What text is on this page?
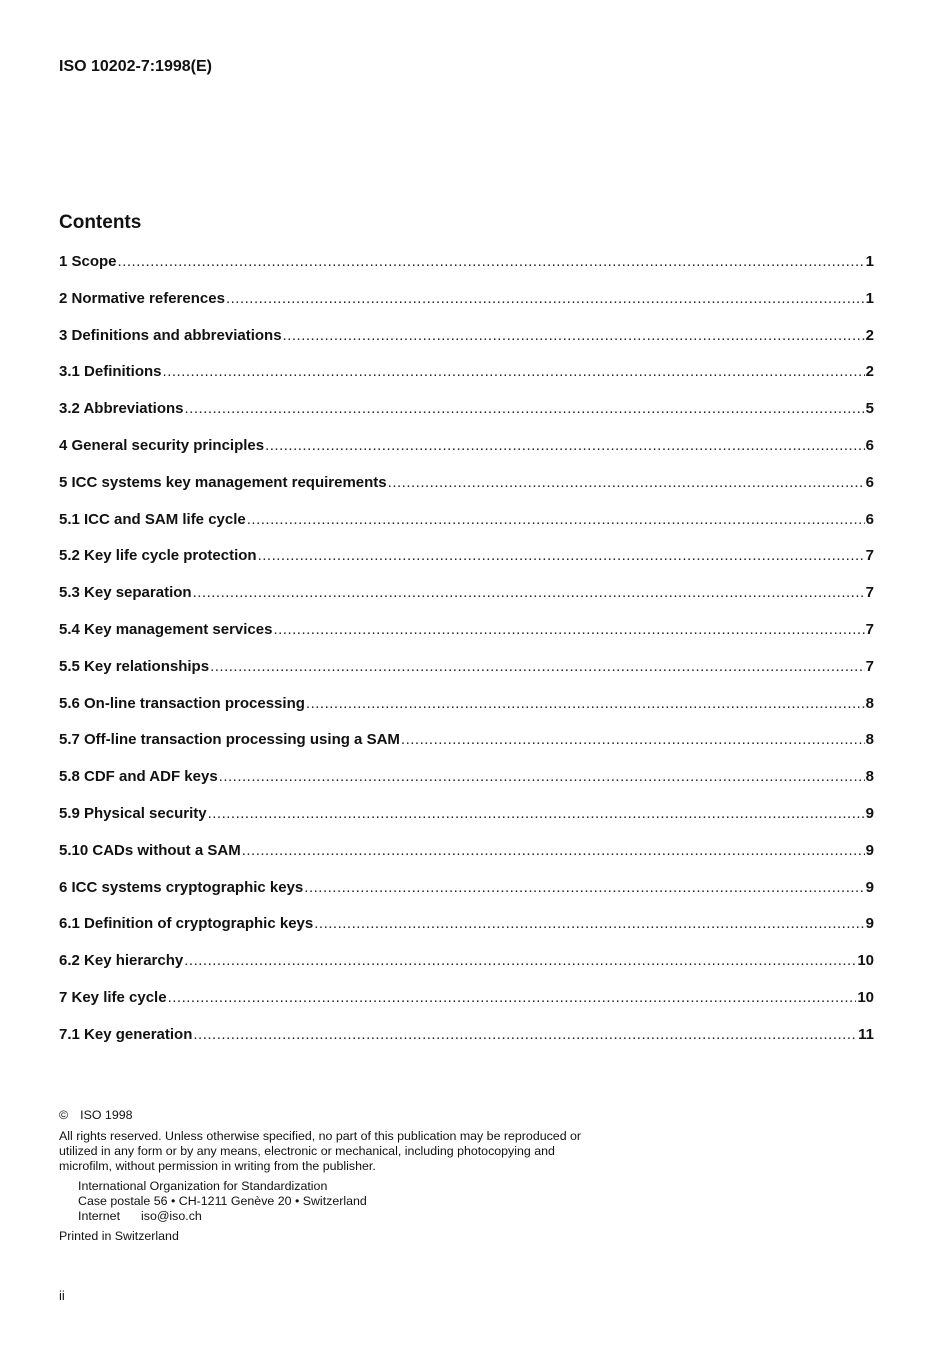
ISO 10202-7:1998(E)
Contents
1 Scope .....	1
2 Normative references .....	1
3 Definitions and abbreviations .....	2
3.1 Definitions .....	2
3.2 Abbreviations .....	5
4 General security principles .....	6
5 ICC systems key management requirements .....	6
5.1 ICC and SAM life cycle .....	6
5.2 Key life cycle protection .....	7
5.3 Key separation .....	7
5.4 Key management services .....	7
5.5 Key relationships .....	7
5.6 On-line transaction processing .....	8
5.7 Off-line transaction processing using a SAM .....	8
5.8 CDF and ADF keys .....	8
5.9 Physical security .....	9
5.10 CADs without a SAM .....	9
6 ICC systems cryptographic keys .....	9
6.1 Definition of cryptographic keys .....	9
6.2 Key hierarchy .....	10
7 Key life cycle .....	10
7.1 Key generation .....	11
© ISO 1998
All rights reserved. Unless otherwise specified, no part of this publication may be reproduced or utilized in any form or by any means, electronic or mechanical, including photocopying and microfilm, without permission in writing from the publisher.
International Organization for Standardization
Case postale 56 • CH-1211 Genève 20 • Switzerland
Internet iso@iso.ch
Printed in Switzerland
ii
